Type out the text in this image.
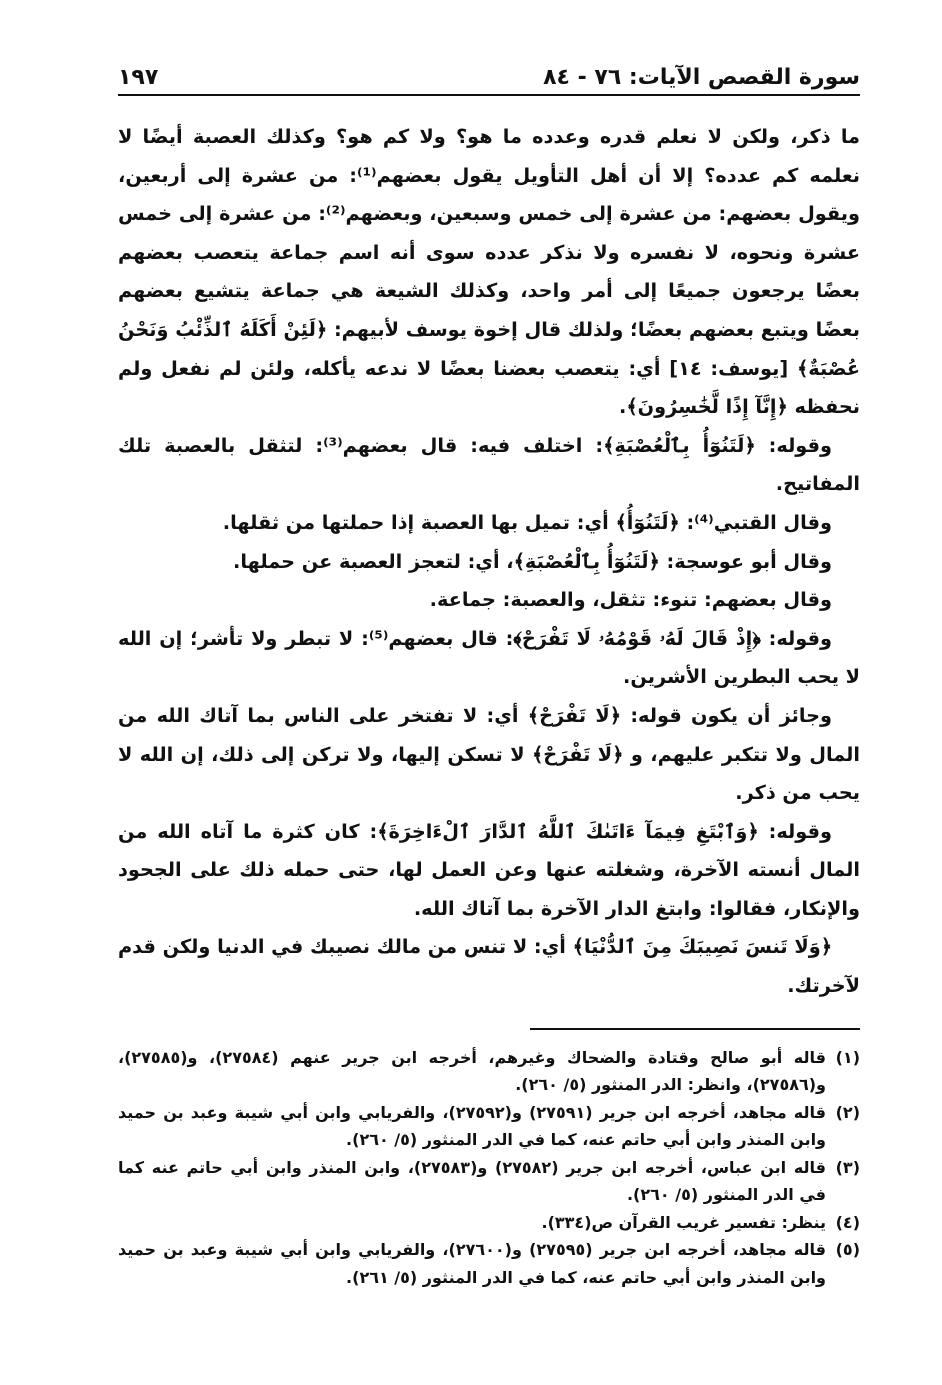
سورة القصص الآيات: ٧٦ - ٨٤
١٩٧

ما ذكر، ولكن لا نعلم قدره وعدده ما هو؟ ولا كم هو؟ وكذلك العصبة أيضًا لا نعلمه كم عدده؟ إلا أن أهل التأويل يقول بعضهم⁽¹⁾: من عشرة إلى أربعين، ويقول بعضهم: من عشرة إلى خمس وسبعين، وبعضهم⁽²⁾: من عشرة إلى خمس عشرة ونحوه، لا نفسره ولا نذكر عدده سوى أنه اسم جماعة يتعصب بعضهم بعضًا يرجعون جميعًا إلى أمر واحد، وكذلك الشيعة هي جماعة يتشيع بعضهم بعضًا ويتبع بعضهم بعضًا؛ ولذلك قال إخوة يوسف لأبيهم: ﴿لَئِنْ أَكَلَهُ ٱلذِّئْبُ وَنَحْنُ عُصْبَةٌ﴾ [يوسف: ١٤] أي: يتعصب بعضنا بعضًا لا ندعه يأكله، ولئن لم نفعل ولم نحفظه ﴿إِنَّآ إِذًا لَّخَٰسِرُونَ﴾.

وقوله: ﴿لَتَنُوٓأُ بِٱلْعُصْبَةِ﴾: اختلف فيه: قال بعضهم⁽³⁾: لتثقل بالعصبة تلك المفاتيح.

وقال القتبي⁽⁴⁾: ﴿لَتَنُوٓأُ﴾ أي: تميل بها العصبة إذا حملتها من ثقلها.

وقال أبو عوسجة: ﴿لَتَنُوٓأُ بِٱلْعُصْبَةِ﴾، أي: لتعجز العصبة عن حملها.

وقال بعضهم: تنوء: تثقل، والعصبة: جماعة.

وقوله: ﴿إِذْ قَالَ لَهُۥ قَوْمُهُۥ لَا تَفْرَحْ﴾: قال بعضهم⁽⁵⁾: لا تبطر ولا تأشر؛ إن الله لا يحب البطرين الأشرين.

وجائز أن يكون قوله: ﴿لَا تَفْرَحْ﴾ أي: لا تفتخر على الناس بما آتاك الله من المال ولا تتكبر عليهم، و ﴿لَا تَفْرَحْ﴾ لا تسكن إليها، ولا تركن إلى ذلك، إن الله لا يحب من ذكر.

وقوله: ﴿وَٱبْتَغِ فِيمَآ ءَاتَىٰكَ ٱللَّهُ ٱلدَّارَ ٱلْءَاخِرَةَ﴾: كان كثرة ما آتاه الله من المال أنسته الآخرة، وشغلته عنها وعن العمل لها، حتى حمله ذلك على الجحود والإنكار، فقالوا: وابتغ الدار الآخرة بما آتاك الله.

﴿وَلَا تَنسَ نَصِيبَكَ مِنَ ٱلدُّنْيَا﴾ أي: لا تنس من مالك نصيبك في الدنيا ولكن قدم لآخرتك.

(١)
قاله أبو صالح وقتادة والضحاك وغيرهم، أخرجه ابن جرير عنهم (٢٧٥٨٤)، و(٢٧٥٨٥)، و(٢٧٥٨٦)، وانظر: الدر المنثور (٥/ ٢٦٠).
(٢)
قاله مجاهد، أخرجه ابن جرير (٢٧٥٩١) و(٢٧٥٩٢)، والفريابي وابن أبي شيبة وعبد بن حميد وابن المنذر وابن أبي حاتم عنه، كما في الدر المنثور (٥/ ٢٦٠).
(٣)
قاله ابن عباس، أخرجه ابن جرير (٢٧٥٨٢) و(٢٧٥٨٣)، وابن المنذر وابن أبي حاتم عنه كما في الدر المنثور (٥/ ٢٦٠).
(٤)
ينظر: تفسير غريب القرآن ص(٣٣٤).
(٥)
قاله مجاهد، أخرجه ابن جرير (٢٧٥٩٥) و(٢٧٦٠٠)، والفريابي وابن أبي شيبة وعبد بن حميد وابن المنذر وابن أبي حاتم عنه، كما في الدر المنثور (٥/ ٢٦١).
